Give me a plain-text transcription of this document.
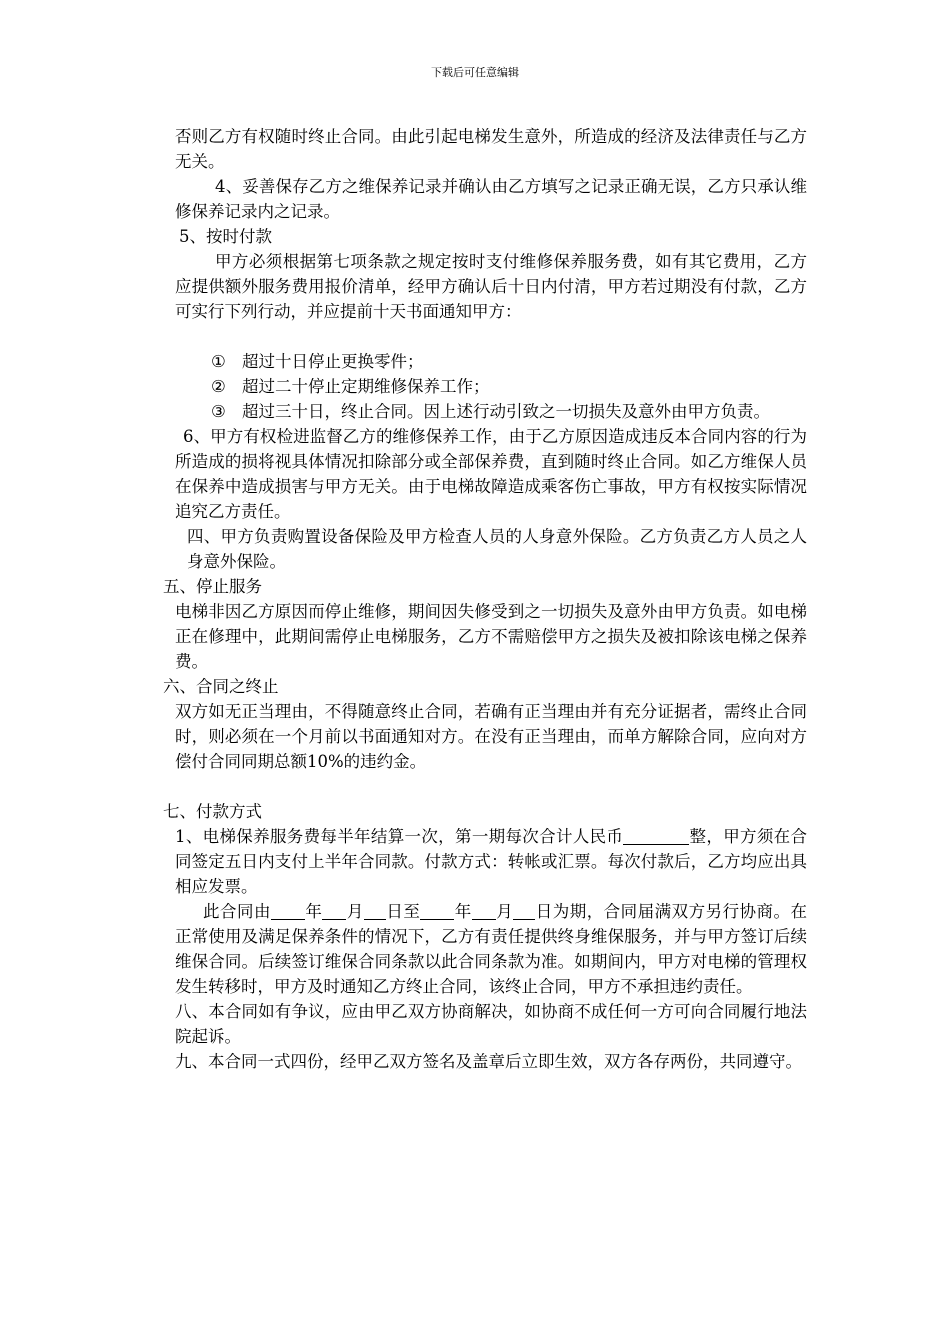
下载后可任意编辑

否则乙方有权随时终止合同。由此引起电梯发生意外，所造成的经济及法律责任与乙方无关。

4、妥善保存乙方之维保养记录并确认由乙方填写之记录正确无误，乙方只承认维修保养记录内之记录。

5、按时付款

甲方必须根据第七项条款之规定按时支付维修保养服务费，如有其它费用，乙方应提供额外服务费用报价清单，经甲方确认后十日内付清，甲方若过期没有付款，乙方可实行下列行动，并应提前十天书面通知甲方：

① 超过十日停止更换零件；
② 超过二十停止定期维修保养工作；
③ 超过三十日，终止合同。因上述行动引致之一切损失及意外由甲方负责。

6、甲方有权检进监督乙方的维修保养工作，由于乙方原因造成违反本合同内容的行为所造成的损将视具体情况扣除部分或全部保养费，直到随时终止合同。如乙方维保人员在保养中造成损害与甲方无关。由于电梯故障造成乘客伤亡事故，甲方有权按实际情况追究乙方责任。

四、甲方负责购置设备保险及甲方检查人员的人身意外保险。乙方负责乙方人员之人身意外保险。

五、停止服务

电梯非因乙方原因而停止维修，期间因失修受到之一切损失及意外由甲方负责。如电梯正在修理中，此期间需停止电梯服务，乙方不需赔偿甲方之损失及被扣除该电梯之保养费。

六、合同之终止

双方如无正当理由，不得随意终止合同，若确有正当理由并有充分证据者，需终止合同时，则必须在一个月前以书面通知对方。在没有正当理由，而单方解除合同，应向对方偿付合同同期总额10%的违约金。

七、付款方式

1、电梯保养服务费每半年结算一次，第一期每次合计人民币	整，甲方须在合同签定五日内支付上半年合同款。付款方式：转帐或汇票。每次付款后，乙方均应出具相应发票。

此合同由 年 月 日至 年 月 日为期，合同届满双方另行协商。在正常使用及满足保养条件的情况下，乙方有责任提供终身维保服务，并与甲方签订后续维保合同。后续签订维保合同条款以此合同条款为准。如期间内，甲方对电梯的管理权发生转移时，甲方及时通知乙方终止合同，该终止合同，甲方不承担违约责任。

八、本合同如有争议，应由甲乙双方协商解决，如协商不成任何一方可向合同履行地法院起诉。

九、本合同一式四份，经甲乙双方签名及盖章后立即生效，双方各存两份，共同遵守。
